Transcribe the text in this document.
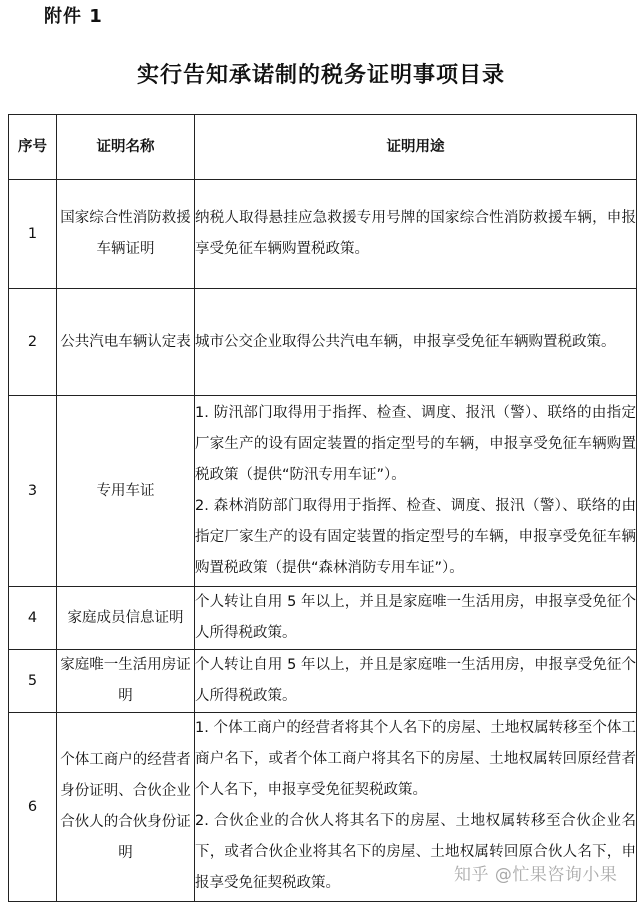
附件 1
实行告知承诺制的税务证明事项目录
序号	证明名称	证明用途
1	国家综合性消防救援车辆证明	纳税人取得悬挂应急救援专用号牌的国家综合性消防救援车辆，申报享受免征车辆购置税政策。

2	公共汽电车辆认定表	城市公交企业取得公共汽电车辆，申报享受免征车辆购置税政策。

3	专用车证	1. 防汛部门取得用于指挥、检查、调度、报汛（警）、联络的由指定厂家生产的设有固定装置的指定型号的车辆，申报享受免征车辆购置税政策（提供“防汛专用车证”）。
2. 森林消防部门取得用于指挥、检查、调度、报汛（警）、联络的由指定厂家生产的设有固定装置的指定型号的车辆，申报享受免征车辆购置税政策（提供“森林消防专用车证”）。

4	家庭成员信息证明	个人转让自用 5 年以上，并且是家庭唯一生活用房，申报享受免征个人所得税政策。

5	家庭唯一生活用房证明	个人转让自用 5 年以上，并且是家庭唯一生活用房，申报享受免征个人所得税政策。

6	个体工商户的经营者身份证明、合伙企业合伙人的合伙身份证明	1. 个体工商户的经营者将其个人名下的房屋、土地权属转移至个体工商户名下，或者个体工商户将其名下的房屋、土地权属转回原经营者个人名下，申报享受免征契税政策。
2. 合伙企业的合伙人将其名下的房屋、土地权属转移至合伙企业名下，或者合伙企业将其名下的房屋、土地权属转回原合伙人名下，申报享受免征契税政策。	知乎 @忙果咨询小果
